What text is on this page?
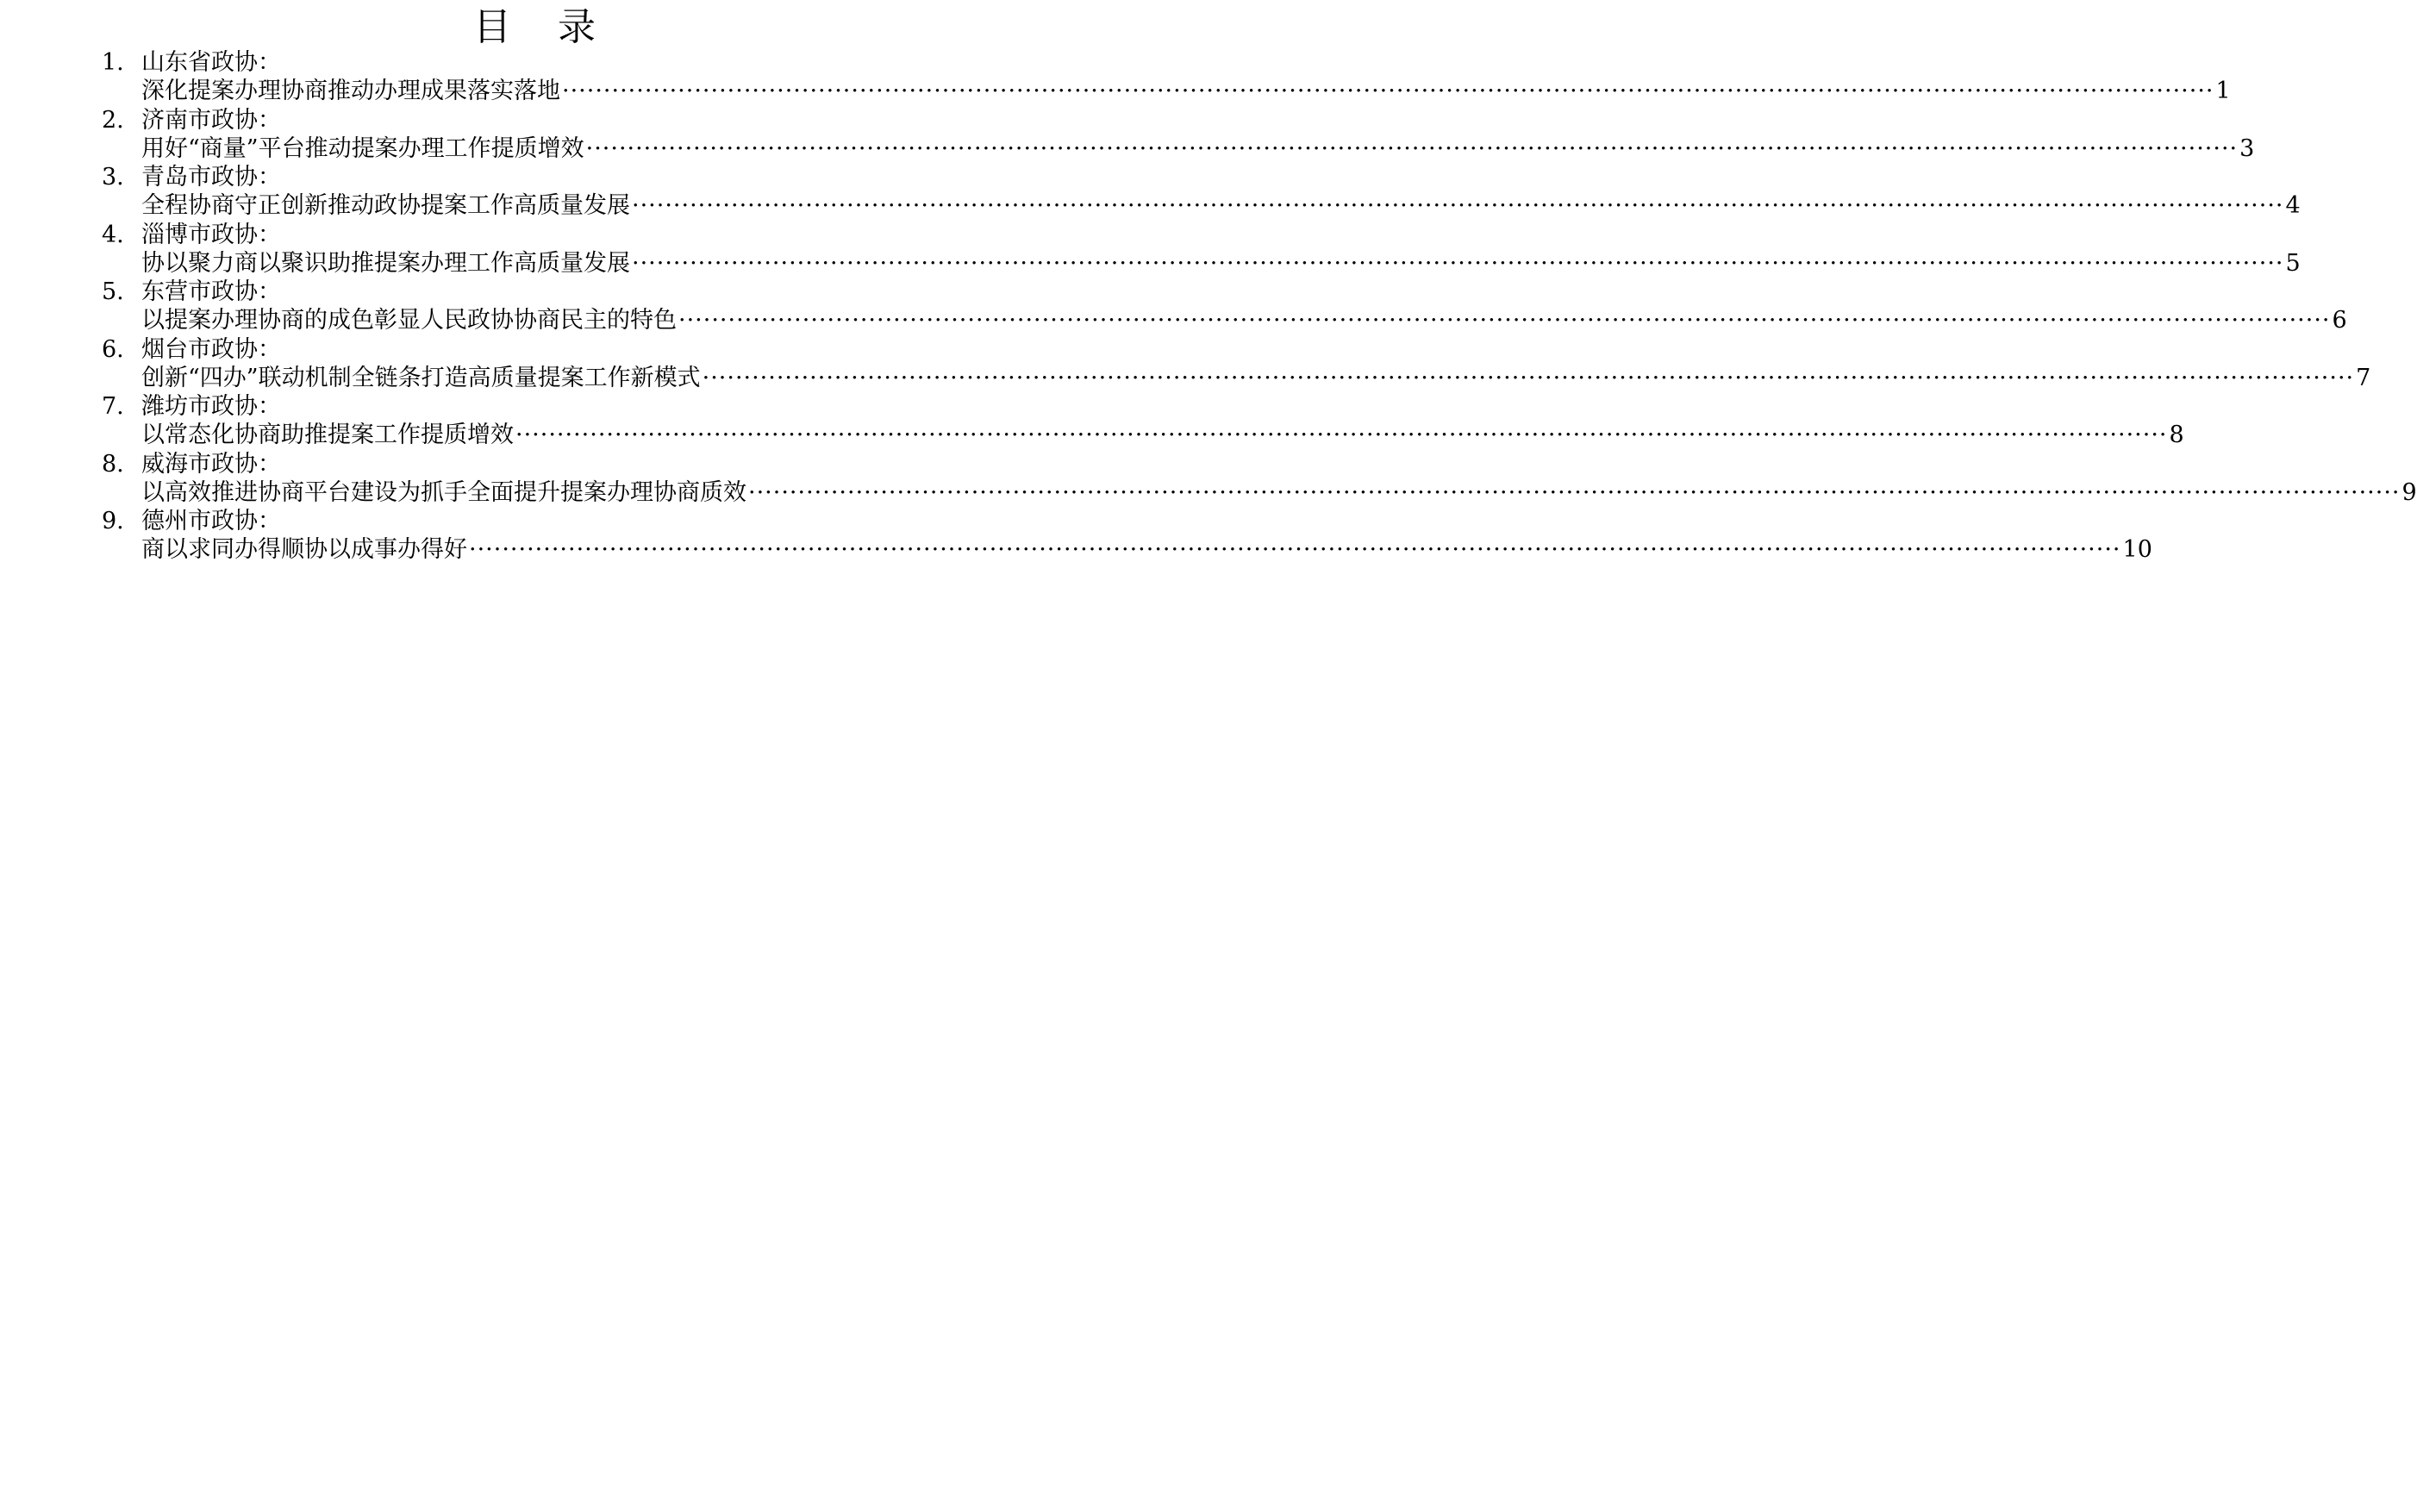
目 录
1. 山东省政协：
深化提案办理协商推动办理成果落实落地 ········································································································································································································ 1
2. 济南市政协：
用好“商量”平台推动提案办理工作提质增效 ········································································································································································································ 3
3. 青岛市政协：
全程协商守正创新推动政协提案工作高质量发展 ········································································································································································································ 4
4. 淄博市政协：
协以聚力商以聚识助推提案办理工作高质量发展 ········································································································································································································ 5
5. 东营市政协：
以提案办理协商的成色彰显人民政协协商民主的特色 ········································································································································································································ 6
6. 烟台市政协：
创新“四办”联动机制全链条打造高质量提案工作新模式 ········································································································································································································ 7
7. 潍坊市政协：
以常态化协商助推提案工作提质增效 ········································································································································································································ 8
8. 威海市政协：
以高效推进协商平台建设为抓手全面提升提案办理协商质效 ········································································································································································································ 9
9. 德州市政协：
商以求同办得顺协以成事办得好 ········································································································································································································ 10
